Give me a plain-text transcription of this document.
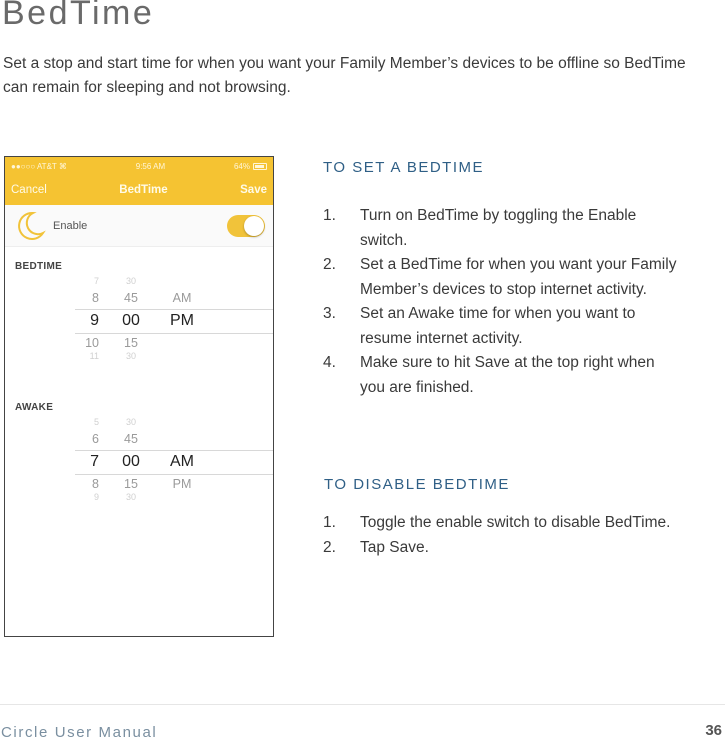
BedTime

Set a stop and start time for when you want your Family Member’s devices to be offline so BedTime can remain for sleeping and not browsing.

●●○○○ AT&T ⌘	9:56 AM	64%
Cancel	BedTime	Save
Enable
BEDTIME
7	30
8	45	AM
9	00	PM
10	15
11	30
AWAKE
5	30
6	45
7	00	AM
8	15	PM
9	30
TO SET A BEDTIME
1.	Turn on BedTime by toggling the Enable switch.
2.	Set a BedTime for when you want your Family Member’s devices to stop internet activity.
3.	Set an Awake time for when you want to resume internet activity.
4.	Make sure to hit Save at the top right when you are finished.
TO DISABLE BEDTIME
1.	Toggle the enable switch to disable BedTime.
2.	Tap Save.
Circle User Manual	36
